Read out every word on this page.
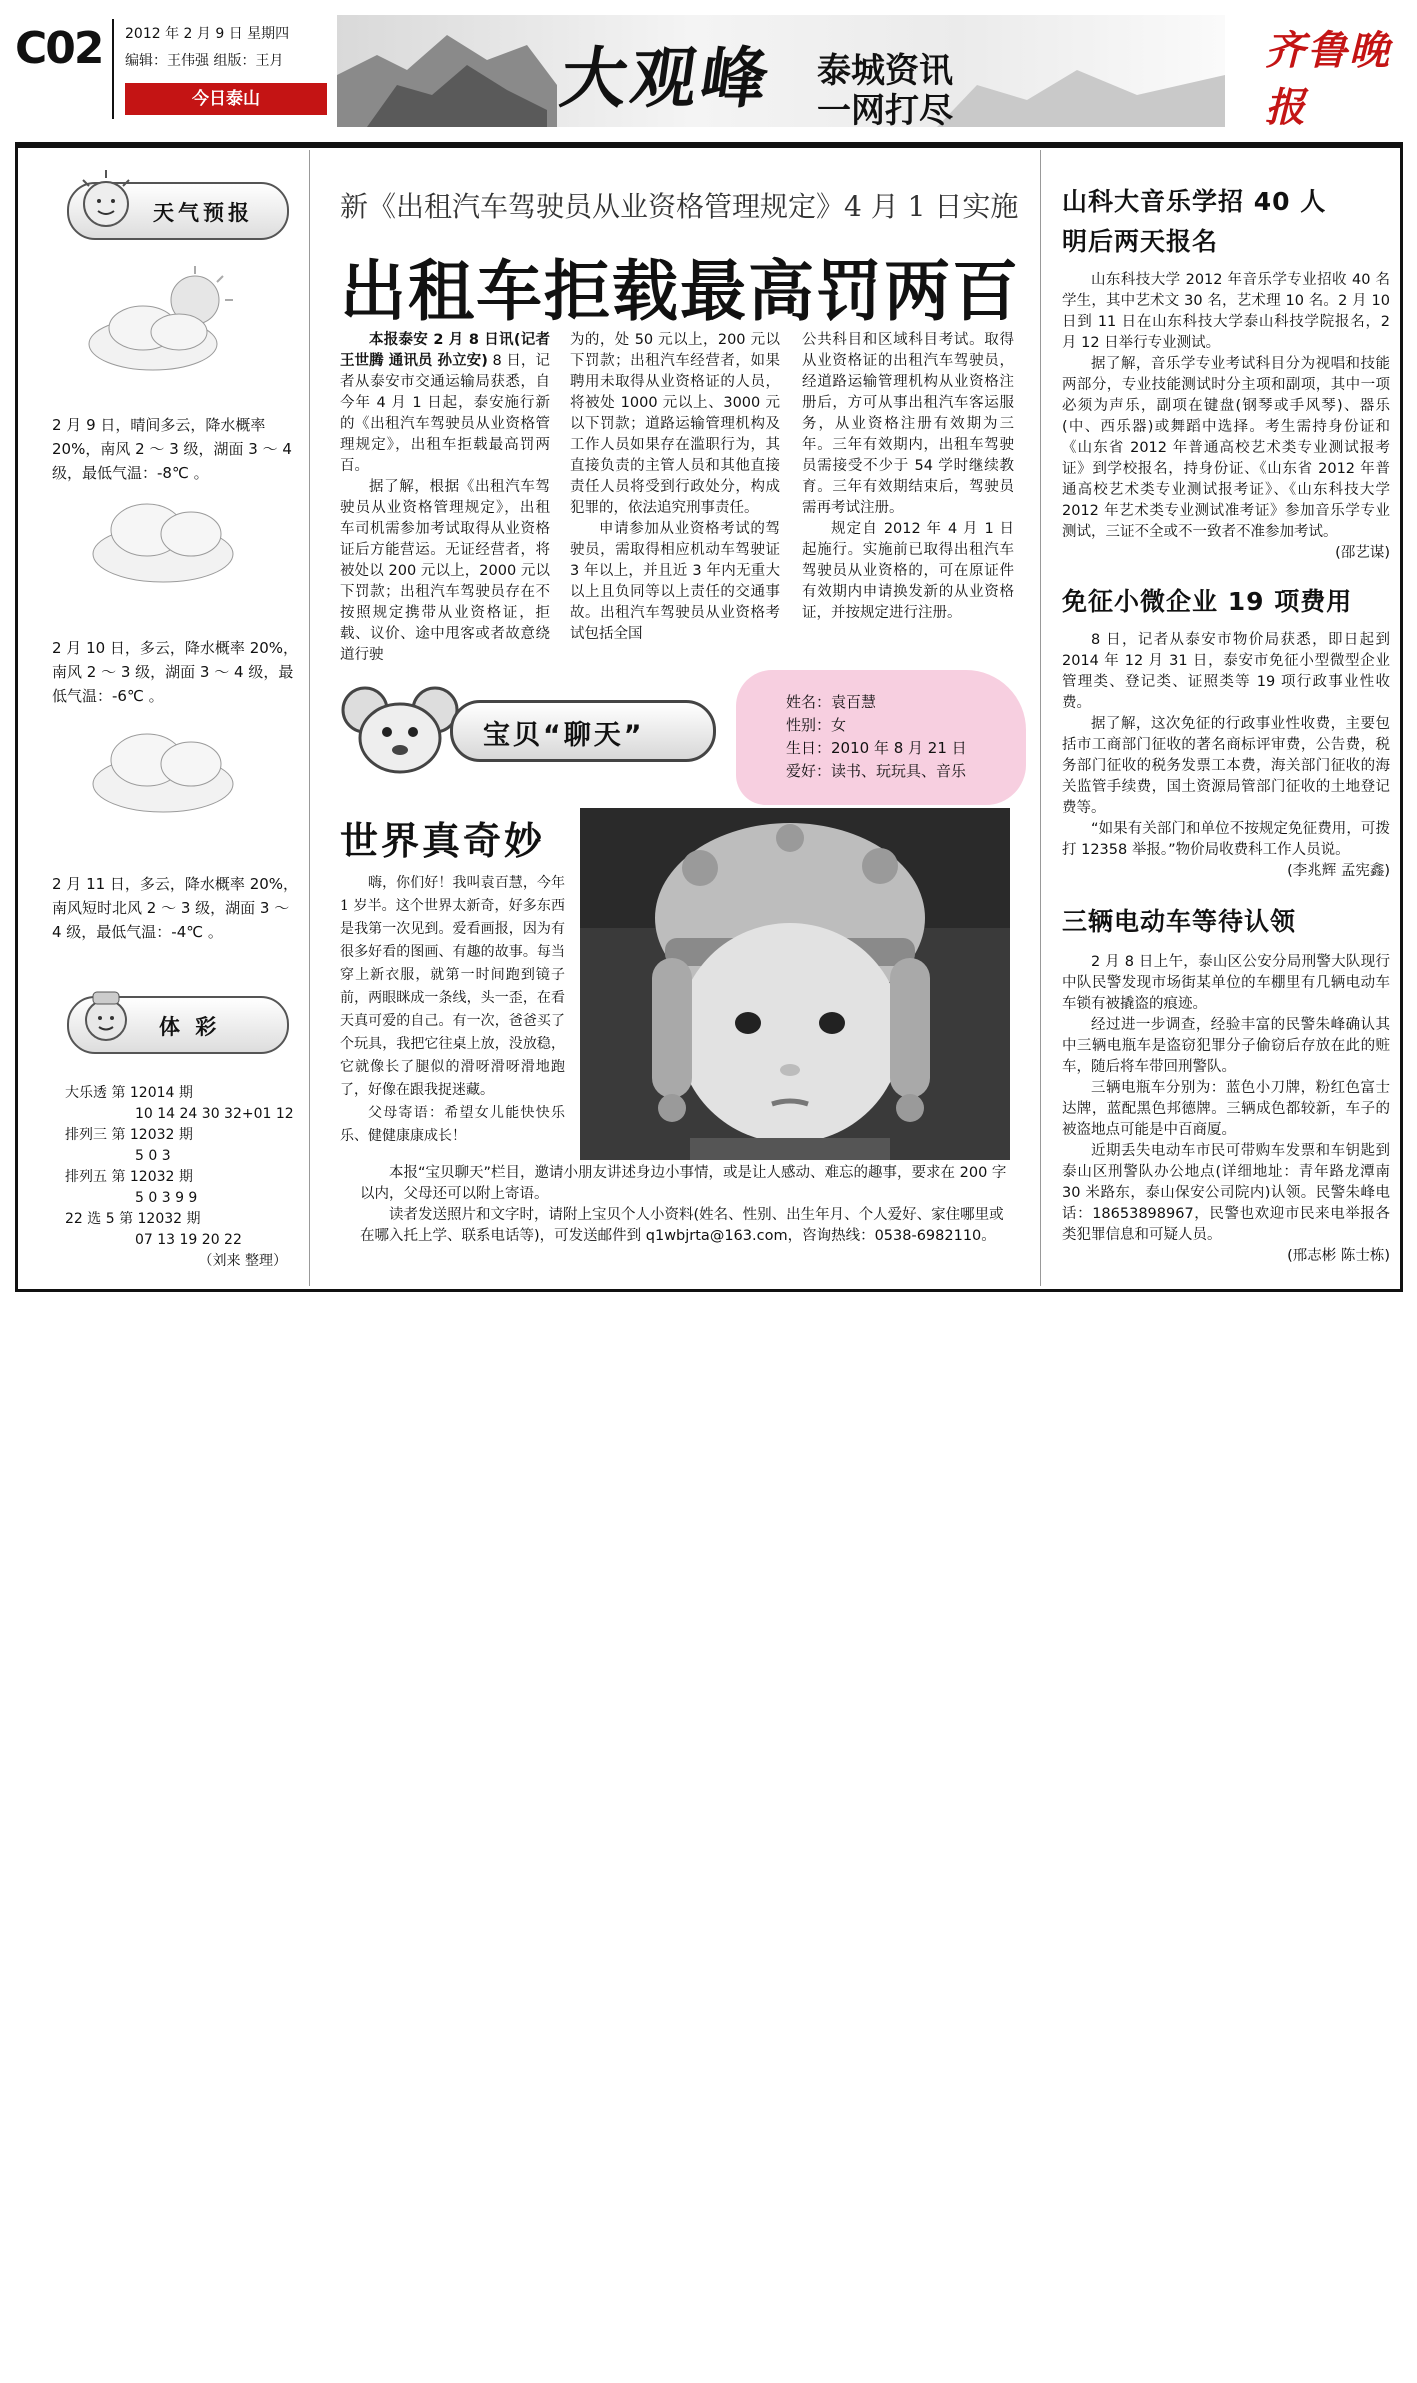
C02 2012 年 2 月 9 日 星期四
编辑：王伟强 组版：王月
今日泰山	大观峰 泰城资讯
一网打尽
齐鲁晚报
天气预报
2 月 9 日，晴间多云，降水概率 20%，南风 2 ～ 3 级，湖面 3 ～ 4 级，最低气温：-8℃ 。
2 月 10 日，多云，降水概率 20%，南风 2 ～ 3 级，湖面 3 ～ 4 级，最低气温：-6℃ 。
2 月 11 日，多云，降水概率 20%，南风短时北风 2 ～ 3 级，湖面 3 ～ 4 级，最低气温：-4℃ 。
体 彩
大乐透 第 12014 期
10 14 24 30 32+01 12
排列三 第 12032 期
5 0 3
排列五 第 12032 期
5 0 3 9 9
22 选 5 第 12032 期
07 13 19 20 22
（刘来 整理）
新《出租汽车驾驶员从业资格管理规定》4 月 1 日实施
出租车拒载最高罚两百

本报泰安 2 月 8 日讯(记者 王世腾 通讯员 孙立安) 8 日，记者从泰安市交通运输局获悉，自今年 4 月 1 日起，泰安施行新的《出租汽车驾驶员从业资格管理规定》，出租车拒载最高罚两百。

据了解，根据《出租汽车驾驶员从业资格管理规定》，出租车司机需参加考试取得从业资格证后方能营运。无证经营者，将被处以 200 元以上，2000 元以下罚款；出租汽车驾驶员存在不按照规定携带从业资格证，拒载、议价、途中甩客或者故意绕道行驶

为的，处 50 元以上，200 元以下罚款；出租汽车经营者，如果聘用未取得从业资格证的人员，将被处 1000 元以上、3000 元以下罚款；道路运输管理机构及工作人员如果存在滥职行为，其直接负责的主管人员和其他直接责任人员将受到行政处分，构成犯罪的，依法追究刑事责任。

申请参加从业资格考试的驾驶员，需取得相应机动车驾驶证 3 年以上，并且近 3 年内无重大以上且负同等以上责任的交通事故。出租汽车驾驶员从业资格考试包括全国

公共科目和区域科目考试。取得从业资格证的出租汽车驾驶员，经道路运输管理机构从业资格注册后，方可从事出租汽车客运服务，从业资格注册有效期为三年。三年有效期内，出租车驾驶员需接受不少于 54 学时继续教育。三年有效期结束后，驾驶员需再考试注册。

规定自 2012 年 4 月 1 日起施行。实施前已取得出租汽车驾驶员从业资格的，可在原证件有效期内申请换发新的从业资格证，并按规定进行注册。

宝贝“聊天”
姓名：袁百慧
性别：女
生日：2010 年 8 月 21 日
爱好：读书、玩玩具、音乐
世界真奇妙

嗨，你们好！我叫袁百慧，今年 1 岁半。这个世界太新奇，好多东西是我第一次见到。爱看画报，因为有很多好看的图画、有趣的故事。每当穿上新衣服，就第一时间跑到镜子前，两眼眯成一条线，头一歪，在看天真可爱的自己。有一次，爸爸买了个玩具，我把它往桌上放，没放稳，它就像长了腿似的滑呀滑呀滑地跑了，好像在跟我捉迷藏。

父母寄语：希望女儿能快快乐乐、健健康康成长！

本报“宝贝聊天”栏目，邀请小朋友讲述身边小事情，或是让人感动、难忘的趣事，要求在 200 字以内，父母还可以附上寄语。

读者发送照片和文字时，请附上宝贝个人小资料(姓名、性别、出生年月、个人爱好、家住哪里或在哪入托上学、联系电话等)，可发送邮件到 q1wbjrta@163.com，咨询热线：0538-6982110。

山科大音乐学招 40 人
明后两天报名

山东科技大学 2012 年音乐学专业招收 40 名学生，其中艺术文 30 名，艺术理 10 名。2 月 10 日到 11 日在山东科技大学泰山科技学院报名，2 月 12 日举行专业测试。

据了解，音乐学专业考试科目分为视唱和技能两部分，专业技能测试时分主项和副项，其中一项必须为声乐，副项在键盘(钢琴或手风琴)、器乐(中、西乐器)或舞蹈中选择。考生需持身份证和《山东省 2012 年普通高校艺术类专业测试报考证》到学校报名，持身份证、《山东省 2012 年普通高校艺术类专业测试报考证》、《山东科技大学 2012 年艺术类专业测试准考证》参加音乐学专业测试，三证不全或不一致者不准参加考试。

(邵艺谋)
免征小微企业 19 项费用

8 日，记者从泰安市物价局获悉，即日起到 2014 年 12 月 31 日，泰安市免征小型微型企业管理类、登记类、证照类等 19 项行政事业性收费。

据了解，这次免征的行政事业性收费，主要包括市工商部门征收的著名商标评审费，公告费，税务部门征收的税务发票工本费，海关部门征收的海关监管手续费，国土资源局管部门征收的土地登记费等。

“如果有关部门和单位不按规定免征费用，可拨打 12358 举报。”物价局收费科工作人员说。

(李兆辉 孟宪鑫)
三辆电动车等待认领

2 月 8 日上午，泰山区公安分局刑警大队现行中队民警发现市场街某单位的车棚里有几辆电动车车锁有被撬盗的痕迹。

经过进一步调查，经验丰富的民警朱峰确认其中三辆电瓶车是盗窃犯罪分子偷窃后存放在此的赃车，随后将车带回刑警队。

三辆电瓶车分别为：蓝色小刀牌，粉红色富士达牌，蓝配黑色邦德牌。三辆成色都较新，车子的被盗地点可能是中百商厦。

近期丢失电动车市民可带购车发票和车钥匙到泰山区刑警队办公地点(详细地址：青年路龙潭南 30 米路东，泰山保安公司院内)认领。民警朱峰电话：18653898967，民警也欢迎市民来电举报各类犯罪信息和可疑人员。

(邢志彬 陈士栋)
